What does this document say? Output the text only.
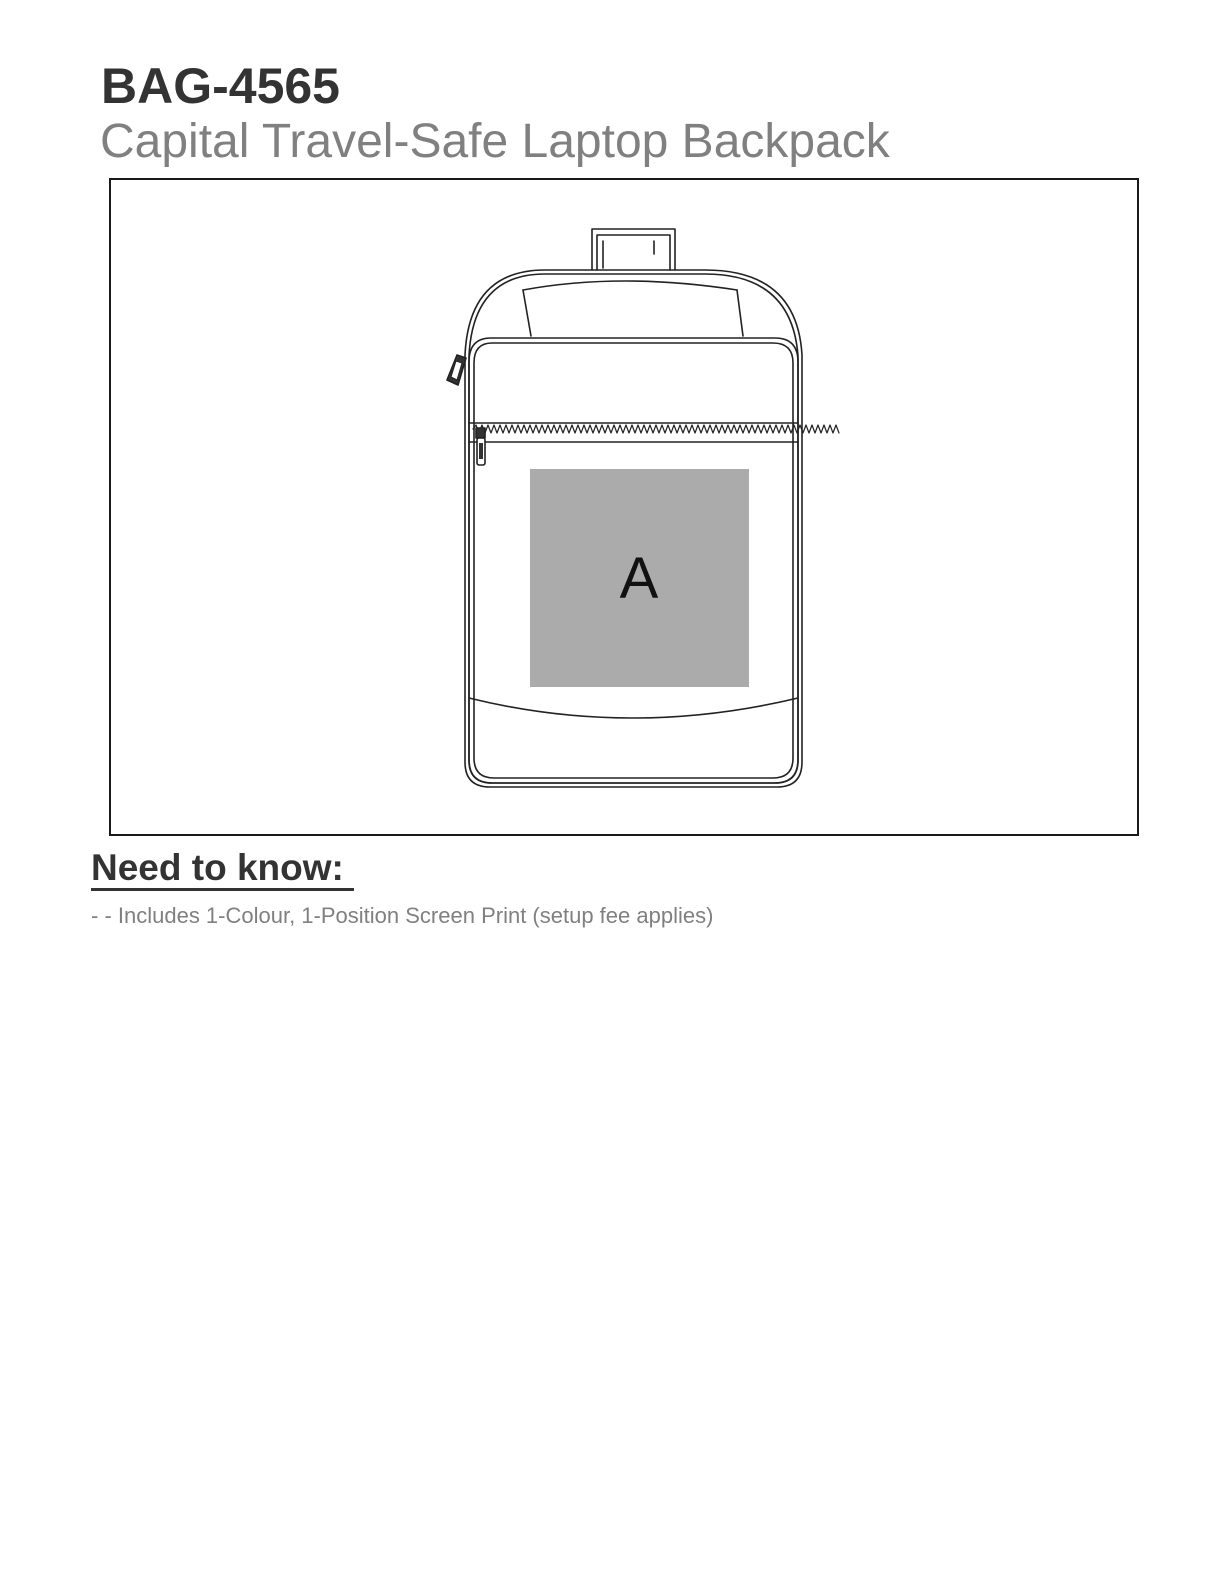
BAG-4565
Capital Travel-Safe Laptop Backpack
A
Need to know:
- - Includes 1-Colour, 1-Position Screen Print (setup fee applies)
